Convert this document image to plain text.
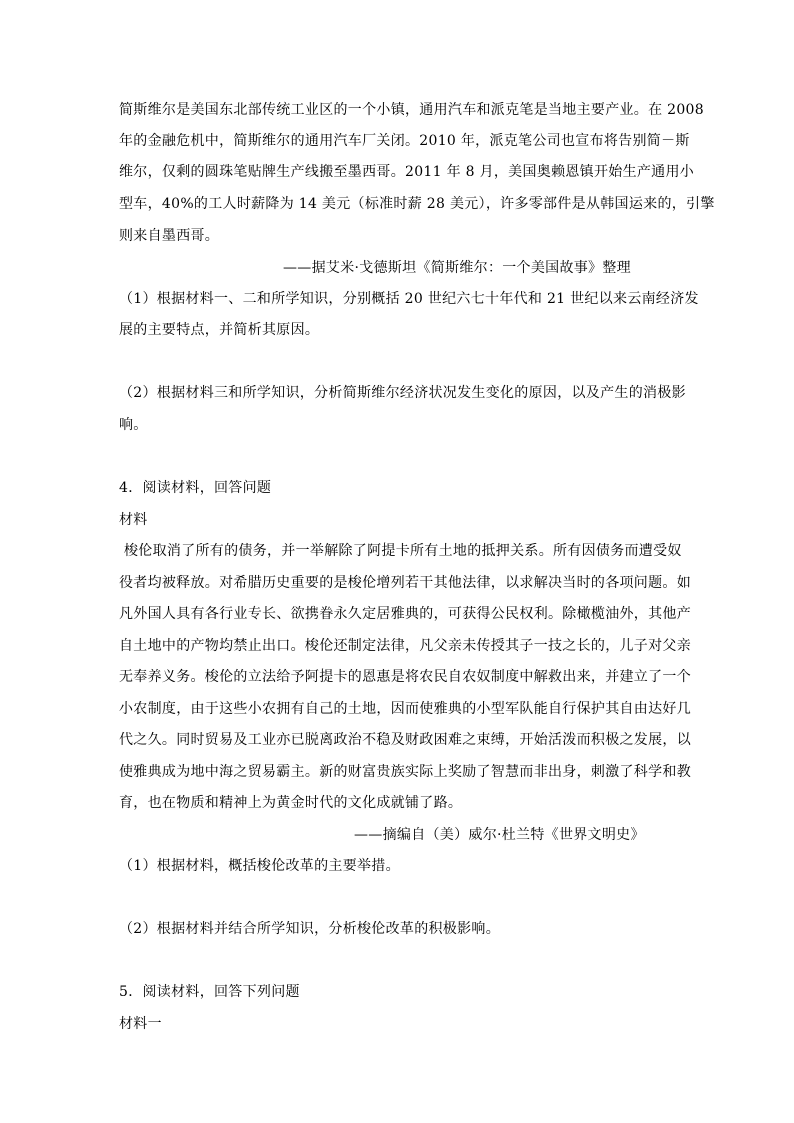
简斯维尔是美国东北部传统工业区的一个小镇，通用汽车和派克笔是当地主要产业。在 2008
年的金融危机中，简斯维尔的通用汽车厂关闭。2010 年，派克笔公司也宣布将告别简－斯
维尔，仅剩的圆珠笔贴牌生产线搬至墨西哥。2011 年 8 月，美国奥赖恩镇开始生产通用小
型车，40%的工人时薪降为 14 美元（标准时薪 28 美元），许多零部件是从韩国运来的，引擎
则来自墨西哥。
——据艾米·戈德斯坦《简斯维尔：一个美国故事》整理
（1）根据材料一、二和所学知识，分别概括 20 世纪六七十年代和 21 世纪以来云南经济发
展的主要特点，并简析其原因。
（2）根据材料三和所学知识，分析简斯维尔经济状况发生变化的原因，以及产生的消极影
响。
4．阅读材料，回答问题
材料
梭伦取消了所有的债务，并一举解除了阿提卡所有土地的抵押关系。所有因债务而遭受奴
役者均被释放。对希腊历史重要的是梭伦增列若干其他法律，以求解决当时的各项问题。如
凡外国人具有各行业专长、欲携眷永久定居雅典的，可获得公民权利。除橄榄油外，其他产
自土地中的产物均禁止出口。梭伦还制定法律，凡父亲未传授其子一技之长的，儿子对父亲
无奉养义务。梭伦的立法给予阿提卡的恩惠是将农民自农奴制度中解救出来，并建立了一个
小农制度，由于这些小农拥有自己的土地，因而使雅典的小型军队能自行保护其自由达好几
代之久。同时贸易及工业亦已脱离政治不稳及财政困难之束缚，开始活泼而积极之发展，以
使雅典成为地中海之贸易霸主。新的财富贵族实际上奖励了智慧而非出身，刺激了科学和教
育，也在物质和精神上为黄金时代的文化成就铺了路。
——摘编自（美）威尔·杜兰特《世界文明史》
（1）根据材料，概括梭伦改革的主要举措。
（2）根据材料并结合所学知识，分析梭伦改革的积极影响。
5．阅读材料，回答下列问题
材料一
